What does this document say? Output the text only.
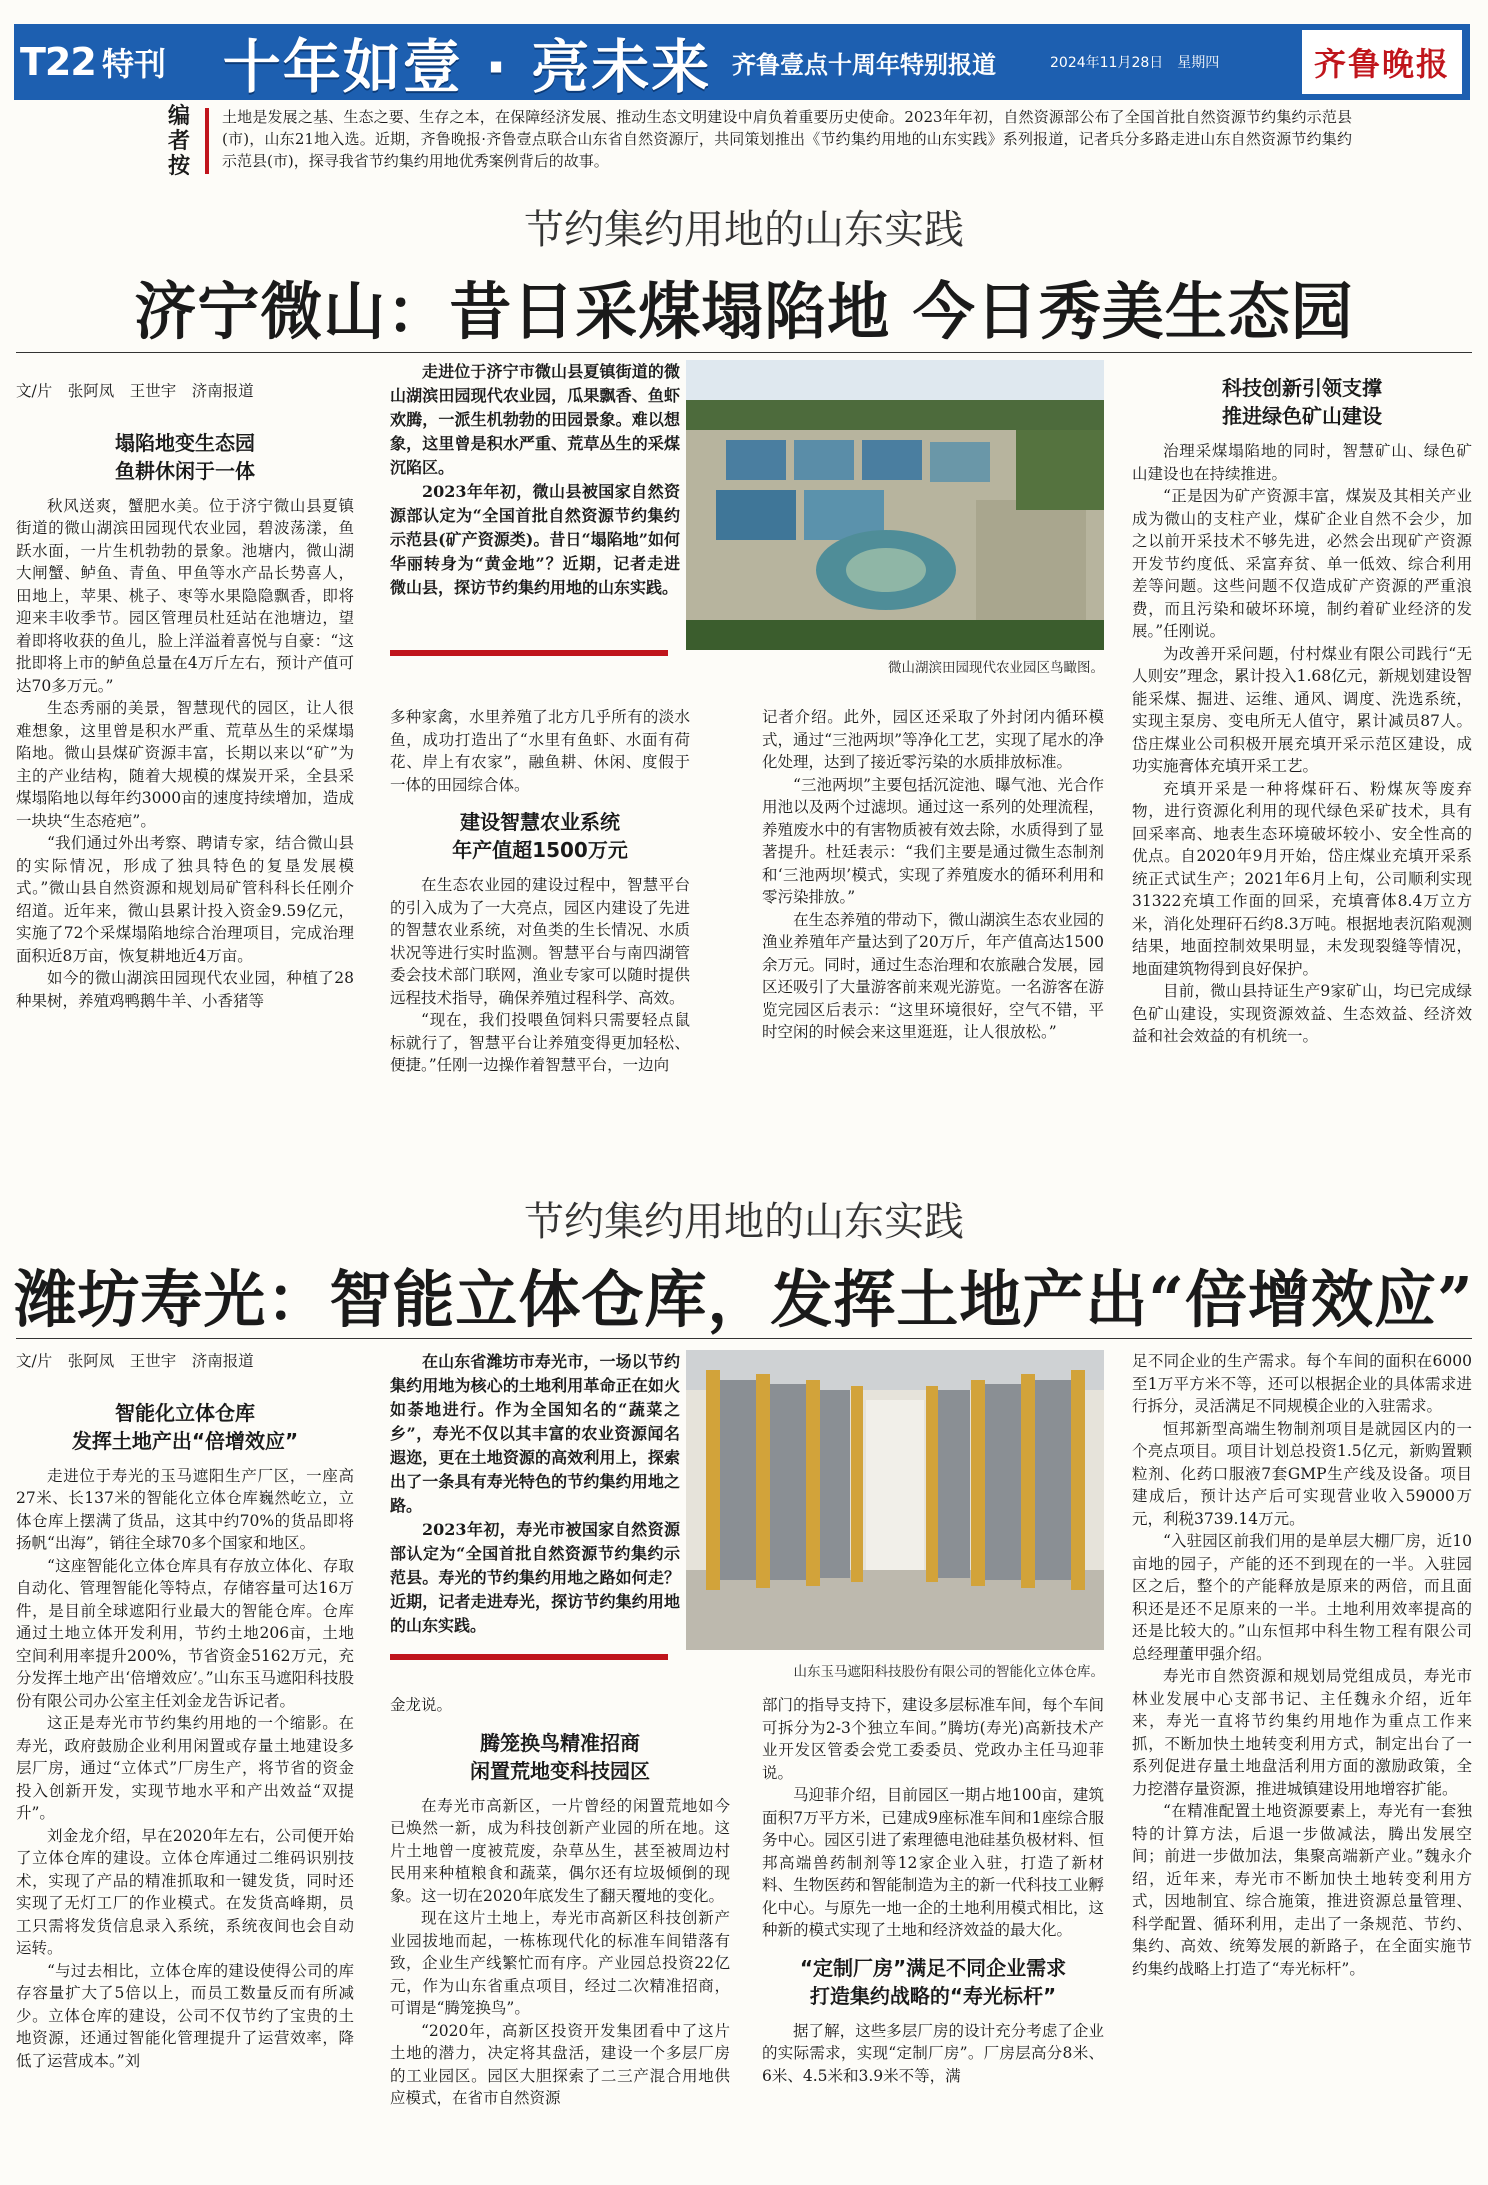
T22 特刊 十年如壹 · 亮未来 齐鲁壹点十周年特别报道	2024年11月28日　星期四	齐鲁晚报
编者按
土地是发展之基、生态之要、生存之本，在保障经济发展、推动生态文明建设中肩负着重要历史使命。2023年年初，自然资源部公布了全国首批自然资源节约集约示范县(市)，山东21地入选。近期，齐鲁晚报·齐鲁壹点联合山东省自然资源厅，共同策划推出《节约集约用地的山东实践》系列报道，记者兵分多路走进山东自然资源节约集约示范县(市)，探寻我省节约集约用地优秀案例背后的故事。
节约集约用地的山东实践
济宁微山：昔日采煤塌陷地 今日秀美生态园

文/片　张阿凤　王世宇　济南报道

塌陷地变生态园
鱼耕休闲于一体

秋风送爽，蟹肥水美。位于济宁微山县夏镇街道的微山湖滨田园现代农业园，碧波荡漾，鱼跃水面，一片生机勃勃的景象。池塘内，微山湖大闸蟹、鲈鱼、青鱼、甲鱼等水产品长势喜人，田地上，苹果、桃子、枣等水果隐隐飘香，即将迎来丰收季节。园区管理员杜廷站在池塘边，望着即将收获的鱼儿，脸上洋溢着喜悦与自豪：“这批即将上市的鲈鱼总量在4万斤左右，预计产值可达70多万元。”

生态秀丽的美景，智慧现代的园区，让人很难想象，这里曾是积水严重、荒草丛生的采煤塌陷地。微山县煤矿资源丰富，长期以来以“矿”为主的产业结构，随着大规模的煤炭开采，全县采煤塌陷地以每年约3000亩的速度持续增加，造成一块块“生态疮疤”。

“我们通过外出考察、聘请专家，结合微山县的实际情况，形成了独具特色的复垦发展模式。”微山县自然资源和规划局矿管科科长任刚介绍道。近年来，微山县累计投入资金9.59亿元，实施了72个采煤塌陷地综合治理项目，完成治理面积近8万亩，恢复耕地近4万亩。

如今的微山湖滨田园现代农业园，种植了28种果树，养殖鸡鸭鹅牛羊、小香猪等

走进位于济宁市微山县夏镇街道的微山湖滨田园现代农业园，瓜果飘香、鱼虾欢腾，一派生机勃勃的田园景象。难以想象，这里曾是积水严重、荒草丛生的采煤沉陷区。

2023年年初，微山县被国家自然资源部认定为“全国首批自然资源节约集约示范县(矿产资源类)。昔日“塌陷地”如何华丽转身为“黄金地”？近期，记者走进微山县，探访节约集约用地的山东实践。

微山湖滨田园现代农业园区鸟瞰图。

多种家禽，水里养殖了北方几乎所有的淡水鱼，成功打造出了“水里有鱼虾、水面有荷花、岸上有农家”，融鱼耕、休闲、度假于一体的田园综合体。

建设智慧农业系统
年产值超1500万元

在生态农业园的建设过程中，智慧平台的引入成为了一大亮点，园区内建设了先进的智慧农业系统，对鱼类的生长情况、水质状况等进行实时监测。智慧平台与南四湖管委会技术部门联网，渔业专家可以随时提供远程技术指导，确保养殖过程科学、高效。

“现在，我们投喂鱼饲料只需要轻点鼠标就行了，智慧平台让养殖变得更加轻松、便捷。”任刚一边操作着智慧平台，一边向

记者介绍。此外，园区还采取了外封闭内循环模式，通过“三池两坝”等净化工艺，实现了尾水的净化处理，达到了接近零污染的水质排放标准。

“三池两坝”主要包括沉淀池、曝气池、光合作用池以及两个过滤坝。通过这一系列的处理流程，养殖废水中的有害物质被有效去除，水质得到了显著提升。杜廷表示：“我们主要是通过微生态制剂和‘三池两坝’模式，实现了养殖废水的循环利用和零污染排放。”

在生态养殖的带动下，微山湖滨生态农业园的渔业养殖年产量达到了20万斤，年产值高达1500余万元。同时，通过生态治理和农旅融合发展，园区还吸引了大量游客前来观光游览。一名游客在游览完园区后表示：“这里环境很好，空气不错，平时空闲的时候会来这里逛逛，让人很放松。”

科技创新引领支撑
推进绿色矿山建设

治理采煤塌陷地的同时，智慧矿山、绿色矿山建设也在持续推进。

“正是因为矿产资源丰富，煤炭及其相关产业成为微山的支柱产业，煤矿企业自然不会少，加之以前开采技术不够先进，必然会出现矿产资源开发节约度低、采富弃贫、单一低效、综合利用差等问题。这些问题不仅造成矿产资源的严重浪费，而且污染和破坏环境，制约着矿业经济的发展。”任刚说。

为改善开采问题，付村煤业有限公司践行“无人则安”理念，累计投入1.68亿元，新规划建设智能采煤、掘进、运维、通风、调度、洗选系统，实现主泵房、变电所无人值守，累计减员87人。岱庄煤业公司积极开展充填开采示范区建设，成功实施膏体充填开采工艺。

充填开采是一种将煤矸石、粉煤灰等废弃物，进行资源化利用的现代绿色采矿技术，具有回采率高、地表生态环境破坏较小、安全性高的优点。自2020年9月开始，岱庄煤业充填开采系统正式试生产；2021年6月上旬，公司顺利实现31322充填工作面的回采，充填膏体8.4万立方米，消化处理矸石约8.3万吨。根据地表沉陷观测结果，地面控制效果明显，未发现裂缝等情况，地面建筑物得到良好保护。

目前，微山县持证生产9家矿山，均已完成绿色矿山建设，实现资源效益、生态效益、经济效益和社会效益的有机统一。

节约集约用地的山东实践
潍坊寿光：智能立体仓库，发挥土地产出“倍增效应”

文/片　张阿凤　王世宇　济南报道

智能化立体仓库
发挥土地产出“倍增效应”

走进位于寿光的玉马遮阳生产厂区，一座高27米、长137米的智能化立体仓库巍然屹立，立体仓库上摆满了货品，这其中约70%的货品即将扬帆“出海”，销往全球70多个国家和地区。

“这座智能化立体仓库具有存放立体化、存取自动化、管理智能化等特点，存储容量可达16万件，是目前全球遮阳行业最大的智能仓库。仓库通过土地立体开发利用，节约土地206亩，土地空间利用率提升200%，节省资金5162万元，充分发挥土地产出‘倍增效应’。”山东玉马遮阳科技股份有限公司办公室主任刘金龙告诉记者。

这正是寿光市节约集约用地的一个缩影。在寿光，政府鼓励企业利用闲置或存量土地建设多层厂房，通过“立体式”厂房生产，将节省的资金投入创新开发，实现节地水平和产出效益“双提升”。

刘金龙介绍，早在2020年左右，公司便开始了立体仓库的建设。立体仓库通过二维码识别技术，实现了产品的精准抓取和一键发货，同时还实现了无灯工厂的作业模式。在发货高峰期，员工只需将发货信息录入系统，系统夜间也会自动运转。

“与过去相比，立体仓库的建设使得公司的库存容量扩大了5倍以上，而员工数量反而有所减少。立体仓库的建设，公司不仅节约了宝贵的土地资源，还通过智能化管理提升了运营效率，降低了运营成本。”刘

在山东省潍坊市寿光市，一场以节约集约用地为核心的土地利用革命正在如火如荼地进行。作为全国知名的“蔬菜之乡”，寿光不仅以其丰富的农业资源闻名遐迩，更在土地资源的高效利用上，探索出了一条具有寿光特色的节约集约用地之路。

2023年初，寿光市被国家自然资源部认定为“全国首批自然资源节约集约示范县。寿光的节约集约用地之路如何走？近期，记者走进寿光，探访节约集约用地的山东实践。

山东玉马遮阳科技股份有限公司的智能化立体仓库。

金龙说。

腾笼换鸟精准招商
闲置荒地变科技园区

在寿光市高新区，一片曾经的闲置荒地如今已焕然一新，成为科技创新产业园的所在地。这片土地曾一度被荒废，杂草丛生，甚至被周边村民用来种植粮食和蔬菜，偶尔还有垃圾倾倒的现象。这一切在2020年底发生了翻天覆地的变化。

现在这片土地上，寿光市高新区科技创新产业园拔地而起，一栋栋现代化的标准车间错落有致，企业生产线繁忙而有序。产业园总投资22亿元，作为山东省重点项目，经过二次精准招商，可谓是“腾笼换鸟”。

“2020年，高新区投资开发集团看中了这片土地的潜力，决定将其盘活，建设一个多层厂房的工业园区。园区大胆探索了二三产混合用地供应模式，在省市自然资源

部门的指导支持下，建设多层标准车间，每个车间可拆分为2-3个独立车间。”腾坊(寿光)高新技术产业开发区管委会党工委委员、党政办主任马迎菲说。

马迎菲介绍，目前园区一期占地100亩，建筑面积7万平方米，已建成9座标准车间和1座综合服务中心。园区引进了索理德电池硅基负极材料、恒邦高端兽药制剂等12家企业入驻，打造了新材料、生物医药和智能制造为主的新一代科技工业孵化中心。与原先一地一企的土地利用模式相比，这种新的模式实现了土地和经济效益的最大化。

“定制厂房”满足不同企业需求
打造集约战略的“寿光标杆”

据了解，这些多层厂房的设计充分考虑了企业的实际需求，实现“定制厂房”。厂房层高分8米、6米、4.5米和3.9米不等，满

足不同企业的生产需求。每个车间的面积在6000至1万平方米不等，还可以根据企业的具体需求进行拆分，灵活满足不同规模企业的入驻需求。

恒邦新型高端生物制剂项目是就园区内的一个亮点项目。项目计划总投资1.5亿元，新购置颗粒剂、化药口服液7套GMP生产线及设备。项目建成后，预计达产后可实现营业收入59000万元，利税3739.14万元。

“入驻园区前我们用的是单层大棚厂房，近10亩地的园子，产能的还不到现在的一半。入驻园区之后，整个的产能释放是原来的两倍，而且面积还是还不足原来的一半。土地利用效率提高的还是比较大的。”山东恒邦中科生物工程有限公司总经理董甲强介绍。

寿光市自然资源和规划局党组成员，寿光市林业发展中心支部书记、主任魏永介绍，近年来，寿光一直将节约集约用地作为重点工作来抓，不断加快土地转变利用方式，制定出台了一系列促进存量土地盘活利用方面的激励政策，全力挖潜存量资源，推进城镇建设用地增容扩能。

“在精准配置土地资源要素上，寿光有一套独特的计算方法，后退一步做减法，腾出发展空间；前进一步做加法，集聚高端新产业。”魏永介绍，近年来，寿光市不断加快土地转变利用方式，因地制宜、综合施策，推进资源总量管理、科学配置、循环利用，走出了一条规范、节约、集约、高效、统筹发展的新路子，在全面实施节约集约战略上打造了“寿光标杆”。
